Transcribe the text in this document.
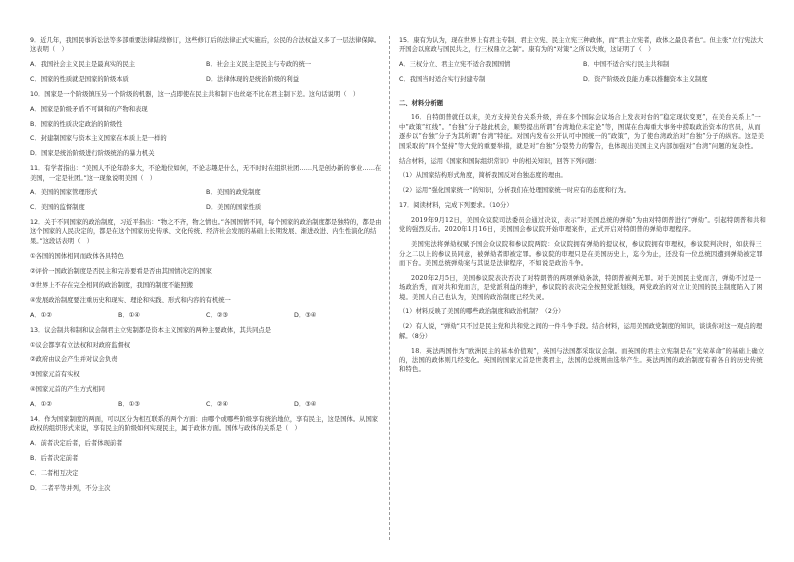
9．近几年，我国民事诉讼法等多部重要法律陆续修订，这些修订后的法律正式实施后，公民的合法权益又多了一层法律保障。这表明（　）
A．我国社会主义民主是最真实的民主	B．社会主义民主是民主与专政的统一
C．国家的性质就是国家的阶级本质	D．法律体现的是统治阶级的利益
10．国家是一个阶级镇压另一个阶级的机器，这一点即使在民主共和制下也丝毫不比在君主制下差。这句话说明（　）
A．国家是阶级矛盾不可调和的产物和表现
B．国家的性质决定政治的阶级性
C．封建制国家与资本主义国家在本质上是一样的
D．国家是统治阶级进行阶级统治的暴力机关
11．有学者指出：“美国人不论年龄多大，不论地位如何，不论志趣是什么，无不时时在组织社团……凡是创办新的事业……在美国，一定是社团。”这一现象说明美国（　）
A．美国的国家管理形式	B．美国的政党制度
C．美国的监督制度	D．美国的国家性质
12．关于不同国家的政治制度，习近平指出：“物之不齐，物之情也。”各国国情不同，每个国家的政治制度都是独特的，都是由这个国家的人民决定的，都是在这个国家历史传承、文化传统、经济社会发展的基础上长期发展、渐进改进、内生性演化的结果。”这段话表明（　）
①各国的国体相同而政体各具特色
②评价一国政治制度是否民主和完善要看是否由其国情决定的国家
③世界上不存在完全相同的政治制度，我国的制度不能照搬
④发展政治制度要注重历史和现实、理论和实践、形式和内容的有机统一
A．①②	B．①④	C．②③	D．③④
13．议会制共和制和议会制君主立宪制都是资本主义国家的两种主要政体，其共同点是
①议会都享有立法权和对政府监督权
②政府由议会产生并对议会负责
③国家元首有实权
④国家元首的产生方式相同
A．①②	B．①③	C．②④	D．③④
14．作为国家制度的两面，可以区分为相互联系的两个方面：由哪个或哪些阶级享有统治地位，享有民主，这是国体。从国家政权的组织形式来说，享有民主的阶级如何实现民主，属于政体方面。国体与政体的关系是（　）
A．前者决定后者，后者体现前者
B．后者决定前者
C．二者相互决定
D．二者平等并列，不分主次
15．康有为认为，现在世界上有君主专制、君主立宪、民主立宪三种政体，而“君主立宪者，政体之最良者也”。但主张“立行宪法大开国会以庶政与国民共之，行三权鼎立之制”。康有为的“对策”之所以失败，这证明了（　）
A．三权分立、君主立宪不适合我国国情	B．中国不适合实行民主共和制
C．我国当时适合实行封建专制	D．资产阶级改良能力难以推翻资本主义制度
二、材料分析题
16．自特朗普就任以来，美方支持美台关系升级，并在多个国际会议场合上发表对台的“稳定现状变更”，在美台关系上“一中”政策“红线”。“台独”分子趁此机会，顺势提出所谓“台湾地位未定论”等，图谋在台海重大事务中捞取政治资本的官员，从而逐步以“台独”分子为其所谓“台湾”特征。对国内发布公开认可中国统一的“政策”，为了使台湾政治对“台独”分子的纵容。这是美国采取的“四个坚持”等大党的重要举措，就是对“台独”分裂势力的警告，也体现出美国主义内部加强对“台湾”问题的复杂性。
结合材料，运用《国家和国际组织常识》中的相关知识，回答下列问题：
（1）从国家结构形式角度，简析我国反对台独态度的理由。
（2）运用“强化国家统一”的知识，分析我们在处理国家统一时应有的态度和行为。
17．阅读材料，完成下列要求。（10分）
2019年9月12日，美国众议院司法委员会通过决议，表示“对美国总统的弹劾”为由对特朗普进行“弹劾”。引起特朗普和共和党的强烈反击。2020年1月16日，美国国会参议院开始审理案件，正式开启对特朗普的弹劾审理程序。
美国宪法将弹劾权赋予国会众议院和参议院两院：众议院拥有弹劾的提议权，参议院拥有审理权，参议院判决时，如获得三分之二以上的参议员同意，被弹劾者即被定罪。参议院的审理只是在美国历史上，迄今为止，还没有一位总统因遭到弹劾被定罪而下台。美国总统弹劾案与其说是法律程序，不如说是政治斗争。
2020年2月5日，美国参议院表决否决了对特朗普的两项弹劾条款，特朗普被判无罪。对于美国民主党而言，弹劾不过是一场政治秀，而对共和党而言，是党派利益的维护，参议院的表决完全按照党派划线，两党政治的对立让美国的民主制度陷入了困境。美国人自己也认为，美国的政治制度已经失灵。
（1）材料反映了美国的哪些政治制度和政治机制？（2分）
（2）有人说，“弹劾”只不过是民主党和共和党之间的一件斗争手段。结合材料，运用美国政党制度的知识，谈谈你对这一观点的理解。（8分）
18．英法两国作为“欧洲民主的基本价值观”，英国与法国都采取议会制。而英国的君主立宪制是在“光荣革命”的基础上确立的，法国的政体则几经变化。英国的国家元首是世袭君主，法国的总统则由选举产生。英法两国的政治制度有着各自的历史传统和特色。
